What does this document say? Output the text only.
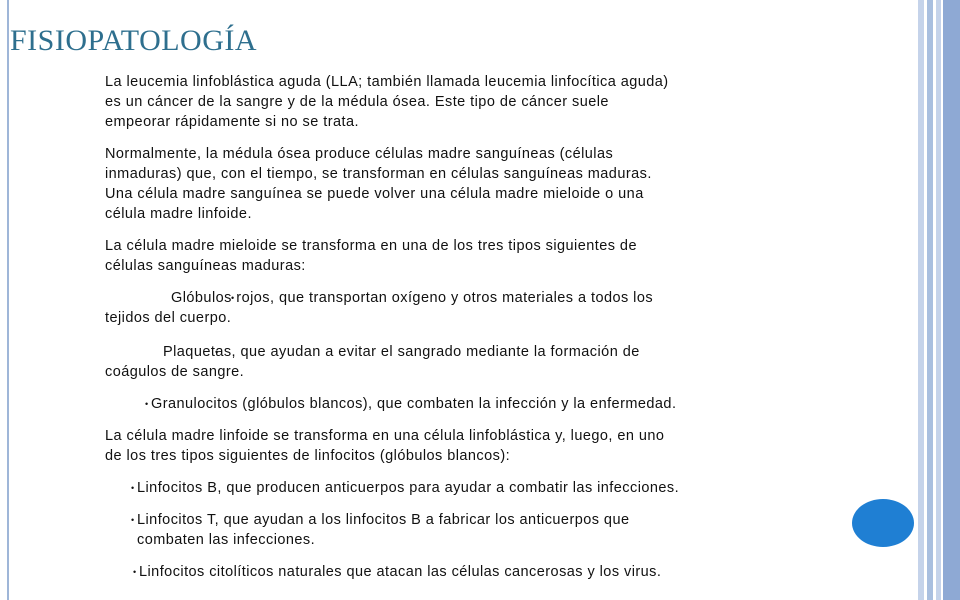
FISIOPATOLOGÍA

La leucemia linfoblástica aguda (LLA; también llamada leucemia linfocítica aguda)
es un cáncer de la sangre y de la médula ósea. Este tipo de cáncer suele
empeorar rápidamente si no se trata.

Normalmente, la médula ósea produce células madre sanguíneas (células
inmaduras) que, con el tiempo, se transforman en células sanguíneas maduras.
Una célula madre sanguínea se puede volver una célula madre mieloide o una
célula madre linfoide.

La célula madre mieloide se transforma en una de los tres tipos siguientes de
células sanguíneas maduras:

• Glóbulos rojos, que transportan oxígeno y otros materiales a todos los
tejidos del cuerpo.

• Plaquetas, que ayudan a evitar el sangrado mediante la formación de
coágulos de sangre.

• Granulocitos (glóbulos blancos), que combaten la infección y la enfermedad.

La célula madre linfoide se transforma en una célula linfoblástica y, luego, en uno
de los tres tipos siguientes de linfocitos (glóbulos blancos):

• Linfocitos B, que producen anticuerpos para ayudar a combatir las infecciones.

• Linfocitos T, que ayudan a los linfocitos B a fabricar los anticuerpos que
combaten las infecciones.

• Linfocitos citolíticos naturales que atacan las células cancerosas y los virus.
